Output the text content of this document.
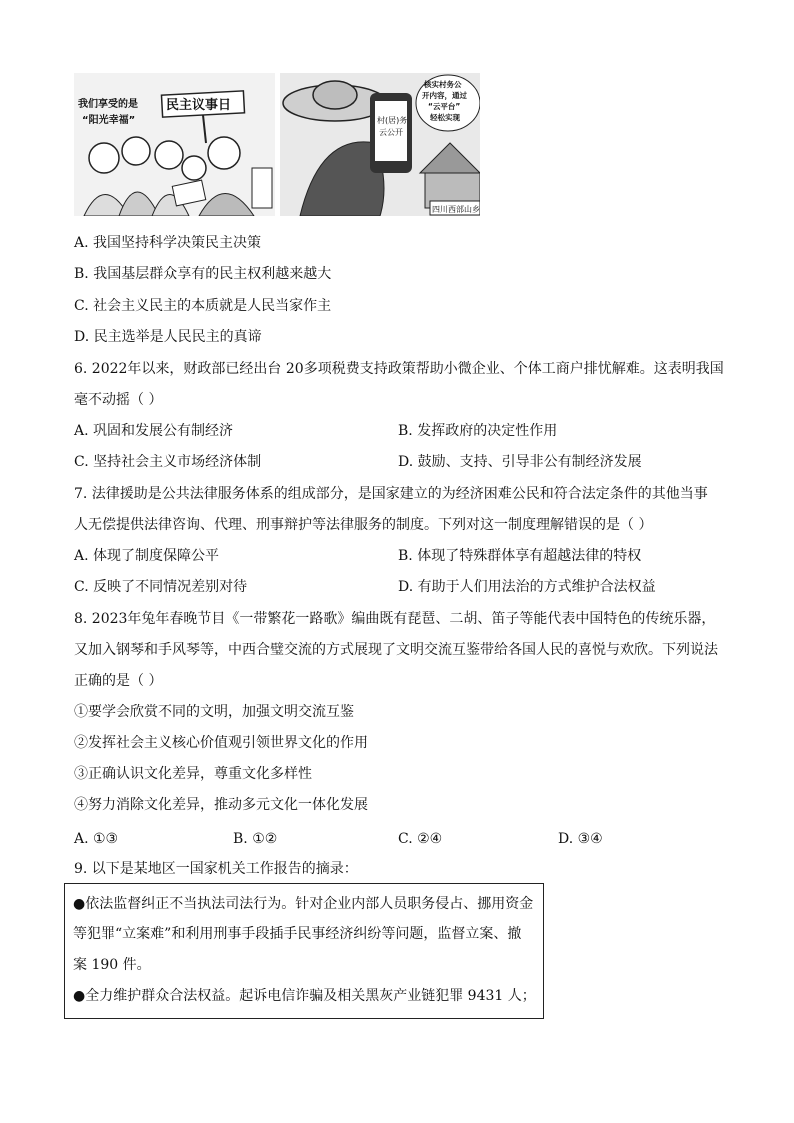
民主议事日
我们享受的是
“阳光幸福”	村(居)务
云公开
核实村务公
开内容，通过
“云平台”
轻松实现
四川西部山乡
A. 我国坚持科学决策民主决策
B. 我国基层群众享有的民主权利越来越大
C. 社会主义民主的本质就是人民当家作主
D. 民主选举是人民民主的真谛
6. 2022年以来，财政部已经出台 20多项税费支持政策帮助小微企业、个体工商户排忧解难。这表明我国
毫不动摇（ ）
A. 巩固和发展公有制经济	B. 发挥政府的决定性作用
C. 坚持社会主义市场经济体制	D. 鼓励、支持、引导非公有制经济发展
7. 法律援助是公共法律服务体系的组成部分，是国家建立的为经济困难公民和符合法定条件的其他当事
人无偿提供法律咨询、代理、刑事辩护等法律服务的制度。下列对这一制度理解错误的是（ ）
A. 体现了制度保障公平	B. 体现了特殊群体享有超越法律的特权
C. 反映了不同情况差别对待	D. 有助于人们用法治的方式维护合法权益
8. 2023年兔年春晚节目《一带繁花一路歌》编曲既有琵琶、二胡、笛子等能代表中国特色的传统乐器，
又加入钢琴和手风琴等，中西合璧交流的方式展现了文明交流互鉴带给各国人民的喜悦与欢欣。下列说法
正确的是（ ）
①要学会欣赏不同的文明，加强文明交流互鉴
②发挥社会主义核心价值观引领世界文化的作用
③正确认识文化差异，尊重文化多样性
④努力消除文化差异，推动多元文化一体化发展
A. ①③	B. ①②	C. ②④	D. ③④
9. 以下是某地区一国家机关工作报告的摘录：
●依法监督纠正不当执法司法行为。针对企业内部人员职务侵占、挪用资金
等犯罪“立案难”和利用刑事手段插手民事经济纠纷等问题，监督立案、撤
案 190 件。
●全力维护群众合法权益。起诉电信诈骗及相关黑灰产业链犯罪 9431 人；
